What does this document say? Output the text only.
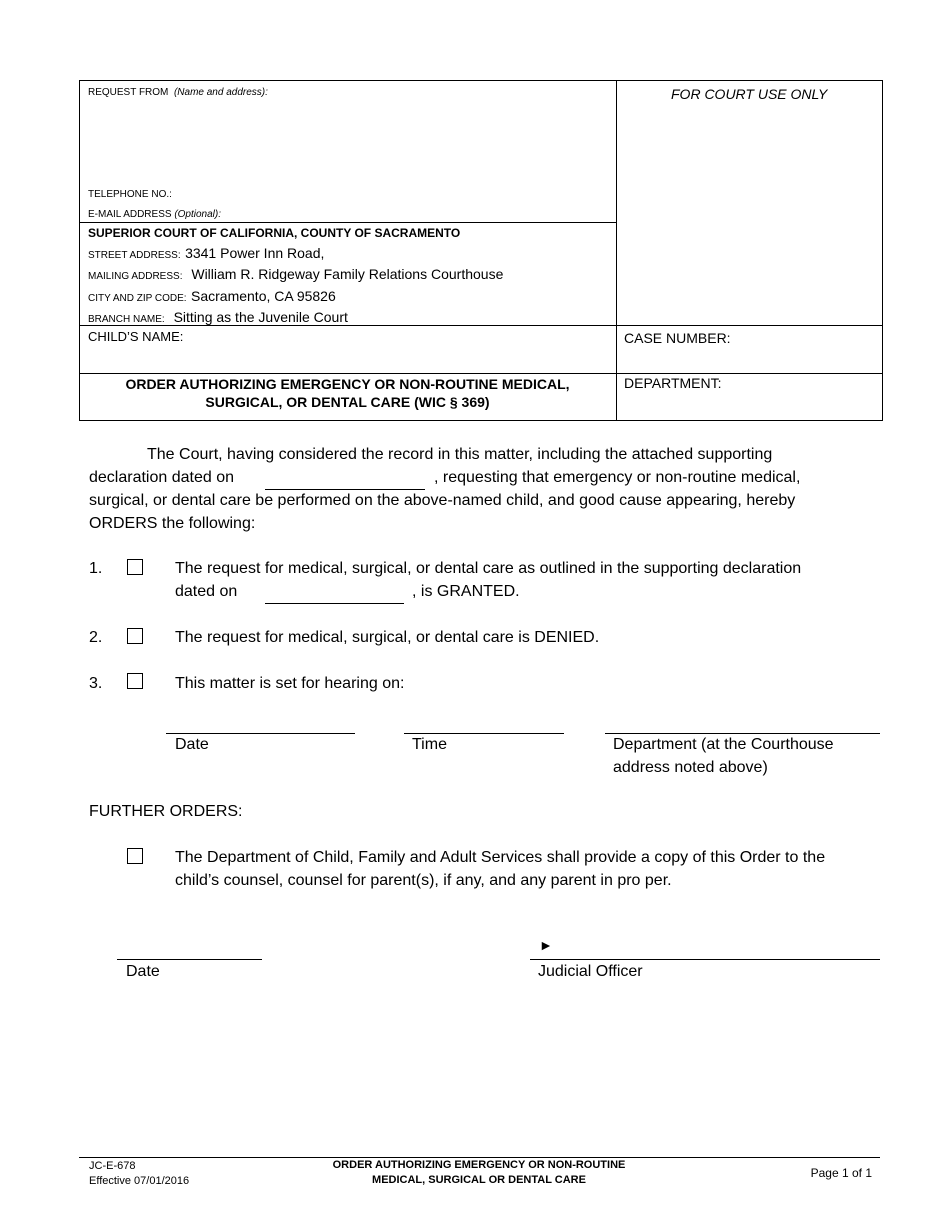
REQUEST FROM (Name and address):	FOR COURT USE ONLY
TELEPHONE NO.:
E-MAIL ADDRESS (Optional):
SUPERIOR COURT OF CALIFORNIA, COUNTY OF SACRAMENTO
STREET ADDRESS: 3341 Power Inn Road,
MAILING ADDRESS: William R. Ridgeway Family Relations Courthouse
CITY AND ZIP CODE: Sacramento, CA 95826
BRANCH NAME: Sitting as the Juvenile Court
CHILD’S NAME:	CASE NUMBER:
DEPARTMENT:
ORDER AUTHORIZING EMERGENCY OR NON-ROUTINE MEDICAL,
SURGICAL, OR DENTAL CARE (WIC § 369)
The Court, having considered the record in this matter, including the attached supporting
declaration dated on	, requesting that emergency or non-routine medical,
surgical, or dental care be performed on the above-named child, and good cause appearing, hereby
ORDERS the following:
1.	The request for medical, surgical, or dental care as outlined in the supporting declaration
dated on	, is GRANTED.
2.	The request for medical, surgical, or dental care is DENIED.
3.	This matter is set for hearing on:
Date	Time	Department (at the Courthouse
address noted above)
FURTHER ORDERS:
The Department of Child, Family and Adult Services shall provide a copy of this Order to the
child’s counsel, counsel for parent(s), if any, and any parent in pro per.
Date
►
Judicial Officer
JC-E-678
Effective 07/01/2016
ORDER AUTHORIZING EMERGENCY OR NON-ROUTINE
MEDICAL, SURGICAL OR DENTAL CARE	Page 1 of 1
